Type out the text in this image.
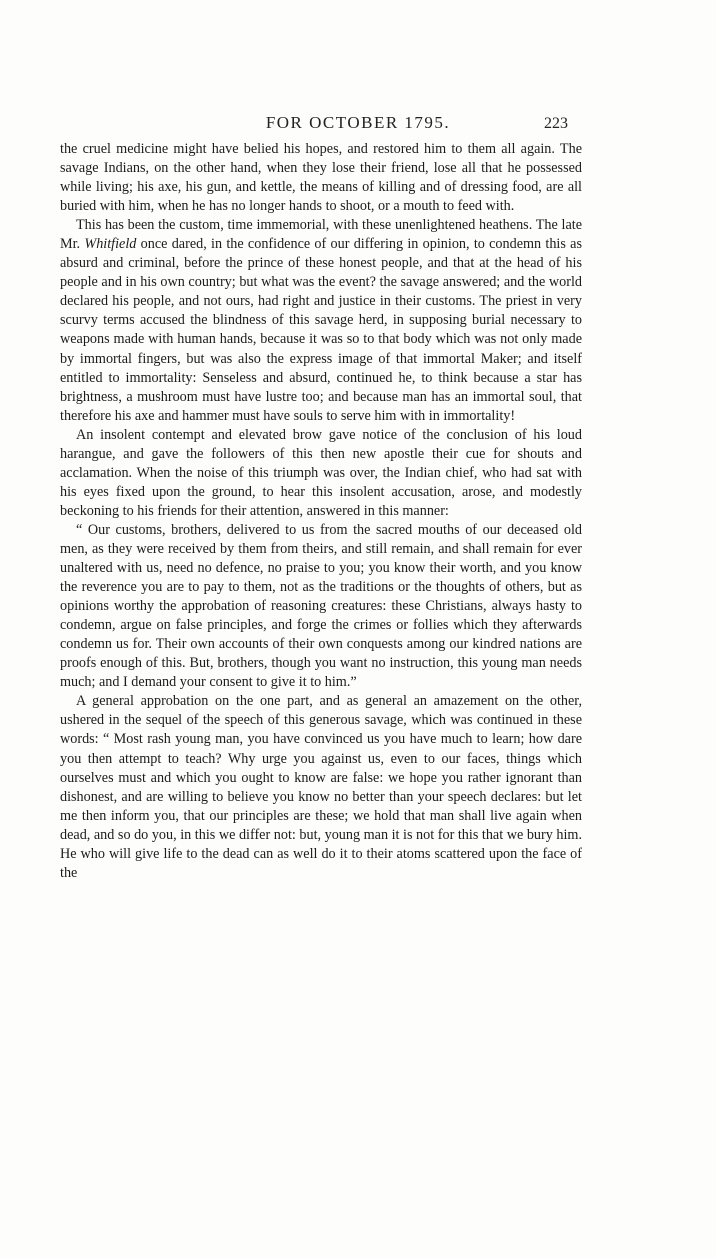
FOR OCTOBER 1795.	223

the cruel medicine might have belied his hopes, and restored him to them all again. The savage Indians, on the other hand, when they lose their friend, lose all that he possessed while living; his axe, his gun, and kettle, the means of killing and of dressing food, are all buried with him, when he has no longer hands to shoot, or a mouth to feed with.

This has been the custom, time immemorial, with these unenlightened heathens. The late Mr. Whitfield once dared, in the confidence of our differing in opinion, to condemn this as absurd and criminal, before the prince of these honest people, and that at the head of his people and in his own country; but what was the event? the savage answered; and the world declared his people, and not ours, had right and justice in their customs. The priest in very scurvy terms accused the blindness of this savage herd, in supposing burial necessary to weapons made with human hands, because it was so to that body which was not only made by immortal fingers, but was also the express image of that immortal Maker; and itself entitled to immortality: Senseless and absurd, continued he, to think because a star has brightness, a mushroom must have lustre too; and because man has an immortal soul, that therefore his axe and hammer must have souls to serve him with in immortality!

An insolent contempt and elevated brow gave notice of the conclusion of his loud harangue, and gave the followers of this then new apostle their cue for shouts and acclamation. When the noise of this triumph was over, the Indian chief, who had sat with his eyes fixed upon the ground, to hear this insolent accusation, arose, and modestly beckoning to his friends for their attention, answered in this manner:

“ Our customs, brothers, delivered to us from the sacred mouths of our deceased old men, as they were received by them from theirs, and still remain, and shall remain for ever unaltered with us, need no defence, no praise to you; you know their worth, and you know the reverence you are to pay to them, not as the traditions or the thoughts of others, but as opinions worthy the approbation of reasoning creatures: these Christians, always hasty to condemn, argue on false principles, and forge the crimes or follies which they afterwards condemn us for. Their own accounts of their own conquests among our kindred nations are proofs enough of this. But, brothers, though you want no instruction, this young man needs much; and I demand your consent to give it to him.”

A general approbation on the one part, and as general an amazement on the other, ushered in the sequel of the speech of this generous savage, which was continued in these words: “ Most rash young man, you have convinced us you have much to learn; how dare you then attempt to teach? Why urge you against us, even to our faces, things which ourselves must and which you ought to know are false: we hope you rather ignorant than dishonest, and are willing to believe you know no better than your speech declares: but let me then inform you, that our principles are these; we hold that man shall live again when dead, and so do you, in this we differ not: but, young man it is not for this that we bury him. He who will give life to the dead can as well do it to their atoms scattered upon the face of the
